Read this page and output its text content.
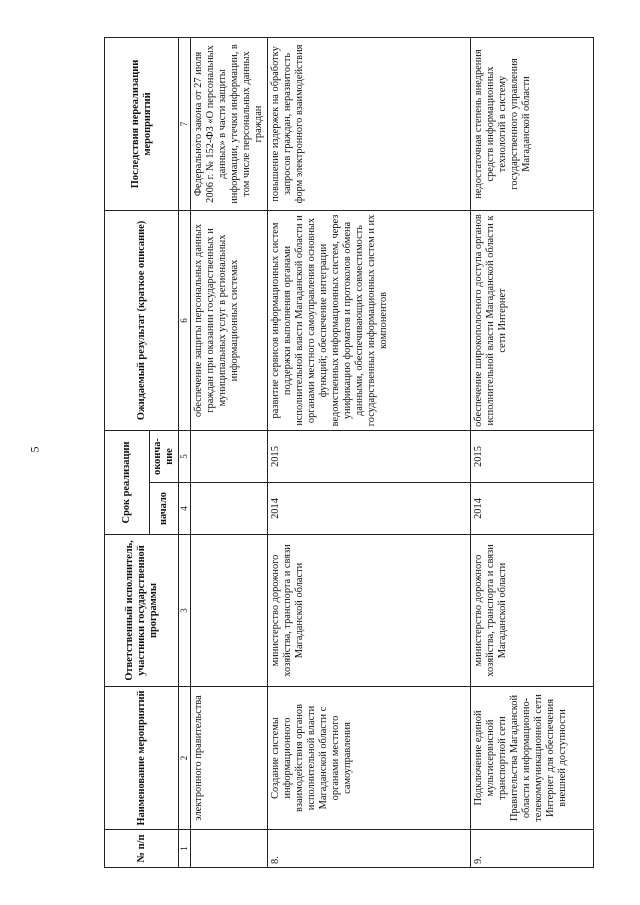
5
№ п/п	Наименование мероприятий	Ответственный исполнитель, участники государственной программы	Срок реализации		Ожидаемый результат (краткое описание)	Последствия нереализации мероприятий
			начало	оконча-ние		
1	2	3	4	5	6	7
	электронного правительства				обеспечение защиты персональных данных граждан при оказании государственных и муниципальных услуг в региональных информационных системах	Федерального закона от 27 июля 2006 г. № 152-ФЗ «О персональных данных» в части защиты информации, утечки информации, в том числе персональных данных граждан
8.	Создание системы информационного взаимодействия органов исполнительной власти Магаданской области с органами местного самоуправления	министерство дорожного хозяйства, транспорта и связи Магаданской области	2014	2015	развитие сервисов информационных систем поддержки выполнения органами исполнительной власти Магаданской области и органами местного самоуправления основных функций; обеспечение интеграции ведомственных информационных систем, через унификацию форматов и протоколов обмена данными, обеспечивающих совместимость государственных информационных систем и их компонентов	повышение издержек на обработку запросов граждан, неразвитость форм электронного взаимодействия
9.	Подключение единой мультисервисной транспортной сети Правительства Магаданской области к информационно-телекоммуникационной сети Интернет для обеспечения внешней доступности	министерство дорожного хозяйства, транспорта и связи Магаданской области	2014	2015	обеспечение широкополосного доступа органов исполнительной власти Магаданской области к сети Интернет	недостаточная степень внедрения средств информационных технологий в систему государственного управления Магаданской области
